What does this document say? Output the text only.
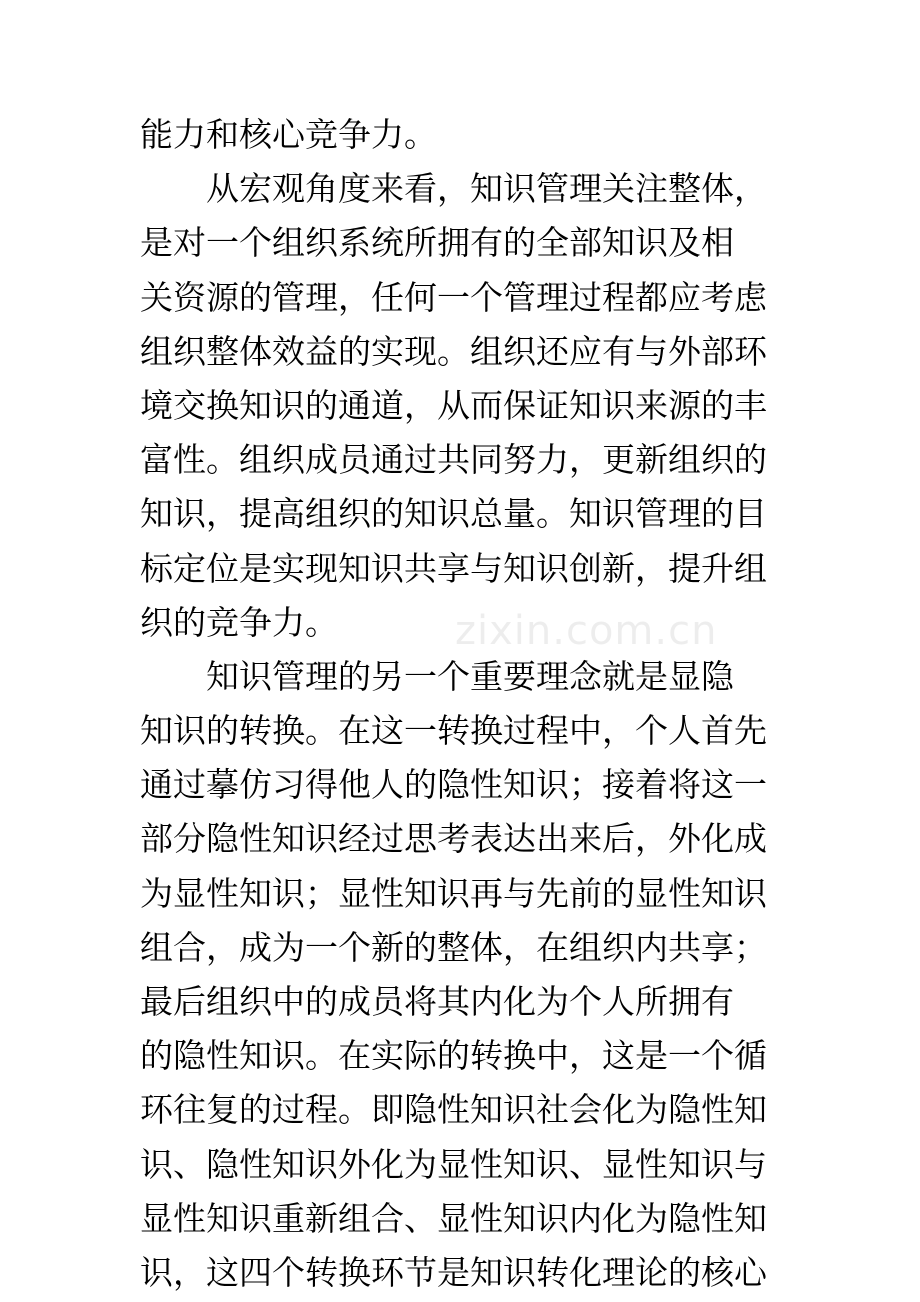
能力和核心竞争力。
从宏观角度来看，知识管理关注整体，
是对一个组织系统所拥有的全部知识及相
关资源的管理，任何一个管理过程都应考虑
组织整体效益的实现。组织还应有与外部环
境交换知识的通道，从而保证知识来源的丰
富性。组织成员通过共同努力，更新组织的
知识，提高组织的知识总量。知识管理的目
标定位是实现知识共享与知识创新，提升组
织的竞争力。
知识管理的另一个重要理念就是显隐
知识的转换。在这一转换过程中，个人首先
通过摹仿习得他人的隐性知识；接着将这一
部分隐性知识经过思考表达出来后，外化成
为显性知识；显性知识再与先前的显性知识
组合，成为一个新的整体，在组织内共享；
最后组织中的成员将其内化为个人所拥有
的隐性知识。在实际的转换中，这是一个循
环往复的过程。即隐性知识社会化为隐性知
识、隐性知识外化为显性知识、显性知识与
显性知识重新组合、显性知识内化为隐性知
识，这四个转换环节是知识转化理论的核心
zixin.com.cn
